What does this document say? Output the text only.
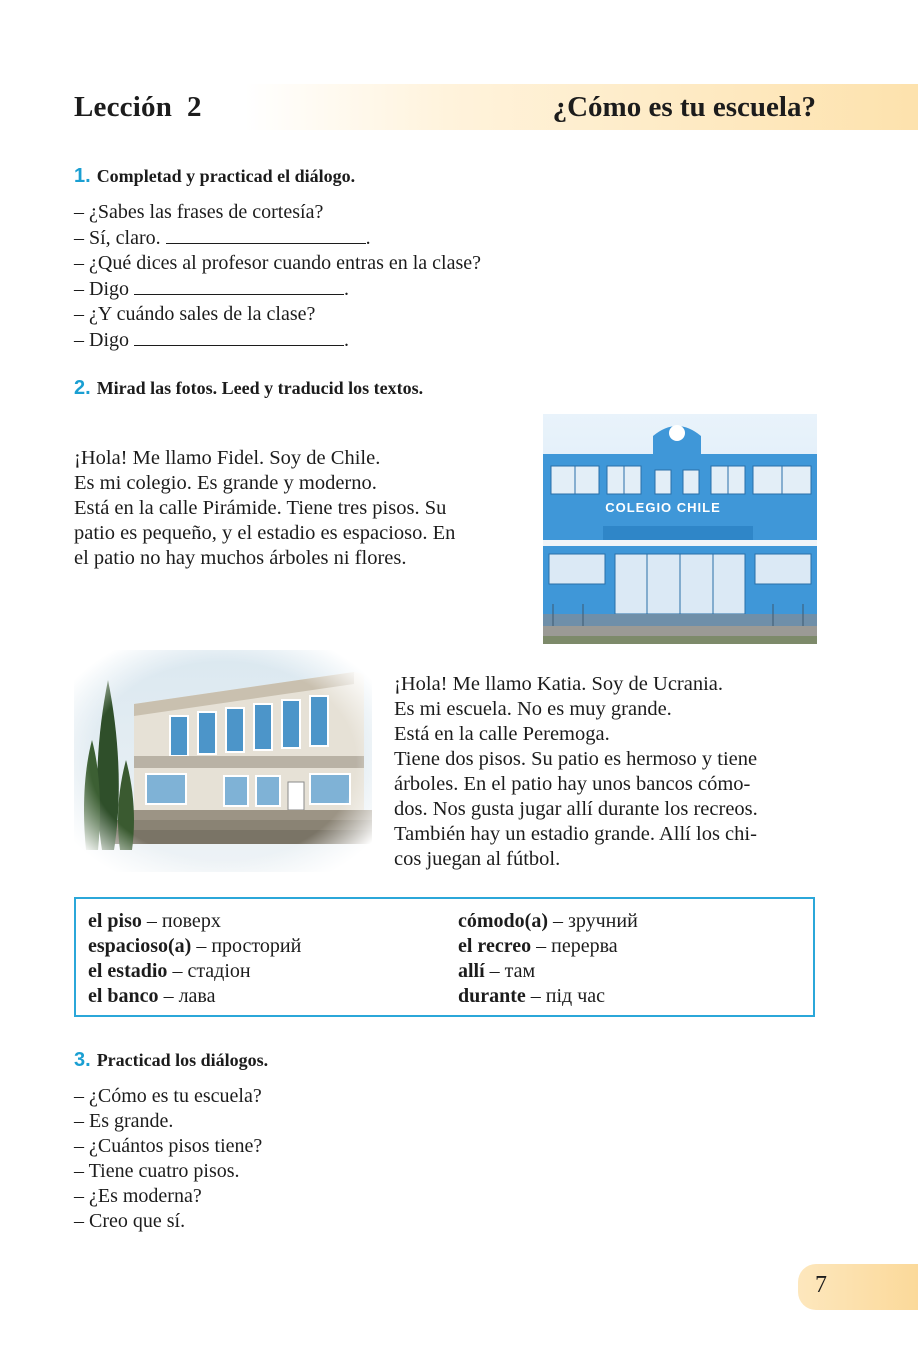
Lección  2	¿Cómo es tu escuela?
1. Completad y practicad el diálogo.
– ¿Sabes las frases de cortesía?
– Sí, claro.	.
– ¿Qué dices al profesor cuando entras en la clase?
– Digo	.
– ¿Y cuándo sales de la clase?
– Digo	.
2. Mirad las fotos. Leed y traducid los textos.
¡Hola! Me llamo Fidel. Soy de Chile.
Es mi colegio. Es grande y moderno.
Está en la calle Pirámide. Tiene tres pisos. Su
patio es pequeño, y el estadio es espacioso. En
el patio no hay muchos árboles ni flores.
COLEGIO CHILE
¡Hola! Me llamo Katia. Soy de Ucrania.
Es mi escuela. No es muy grande.
Está en la calle Peremoga.
Tiene dos pisos. Su patio es hermoso y tiene
árboles. En el patio hay unos bancos cómo-
dos. Nos gusta jugar allí durante los recreos.
También hay un estadio grande. Allí los chi-
cos juegan al fútbol.
el piso – поверх
espacioso(a) – просторий
el estadio – стадіон
el banco – лава
cómodo(a) – зручний
el recreo – перерва
allí – там
durante – під час
3. Practicad los diálogos.
– ¿Cómo es tu escuela?
– Es grande.
– ¿Cuántos pisos tiene?
– Tiene cuatro pisos.
– ¿Es moderna?
– Creo que sí.
7
